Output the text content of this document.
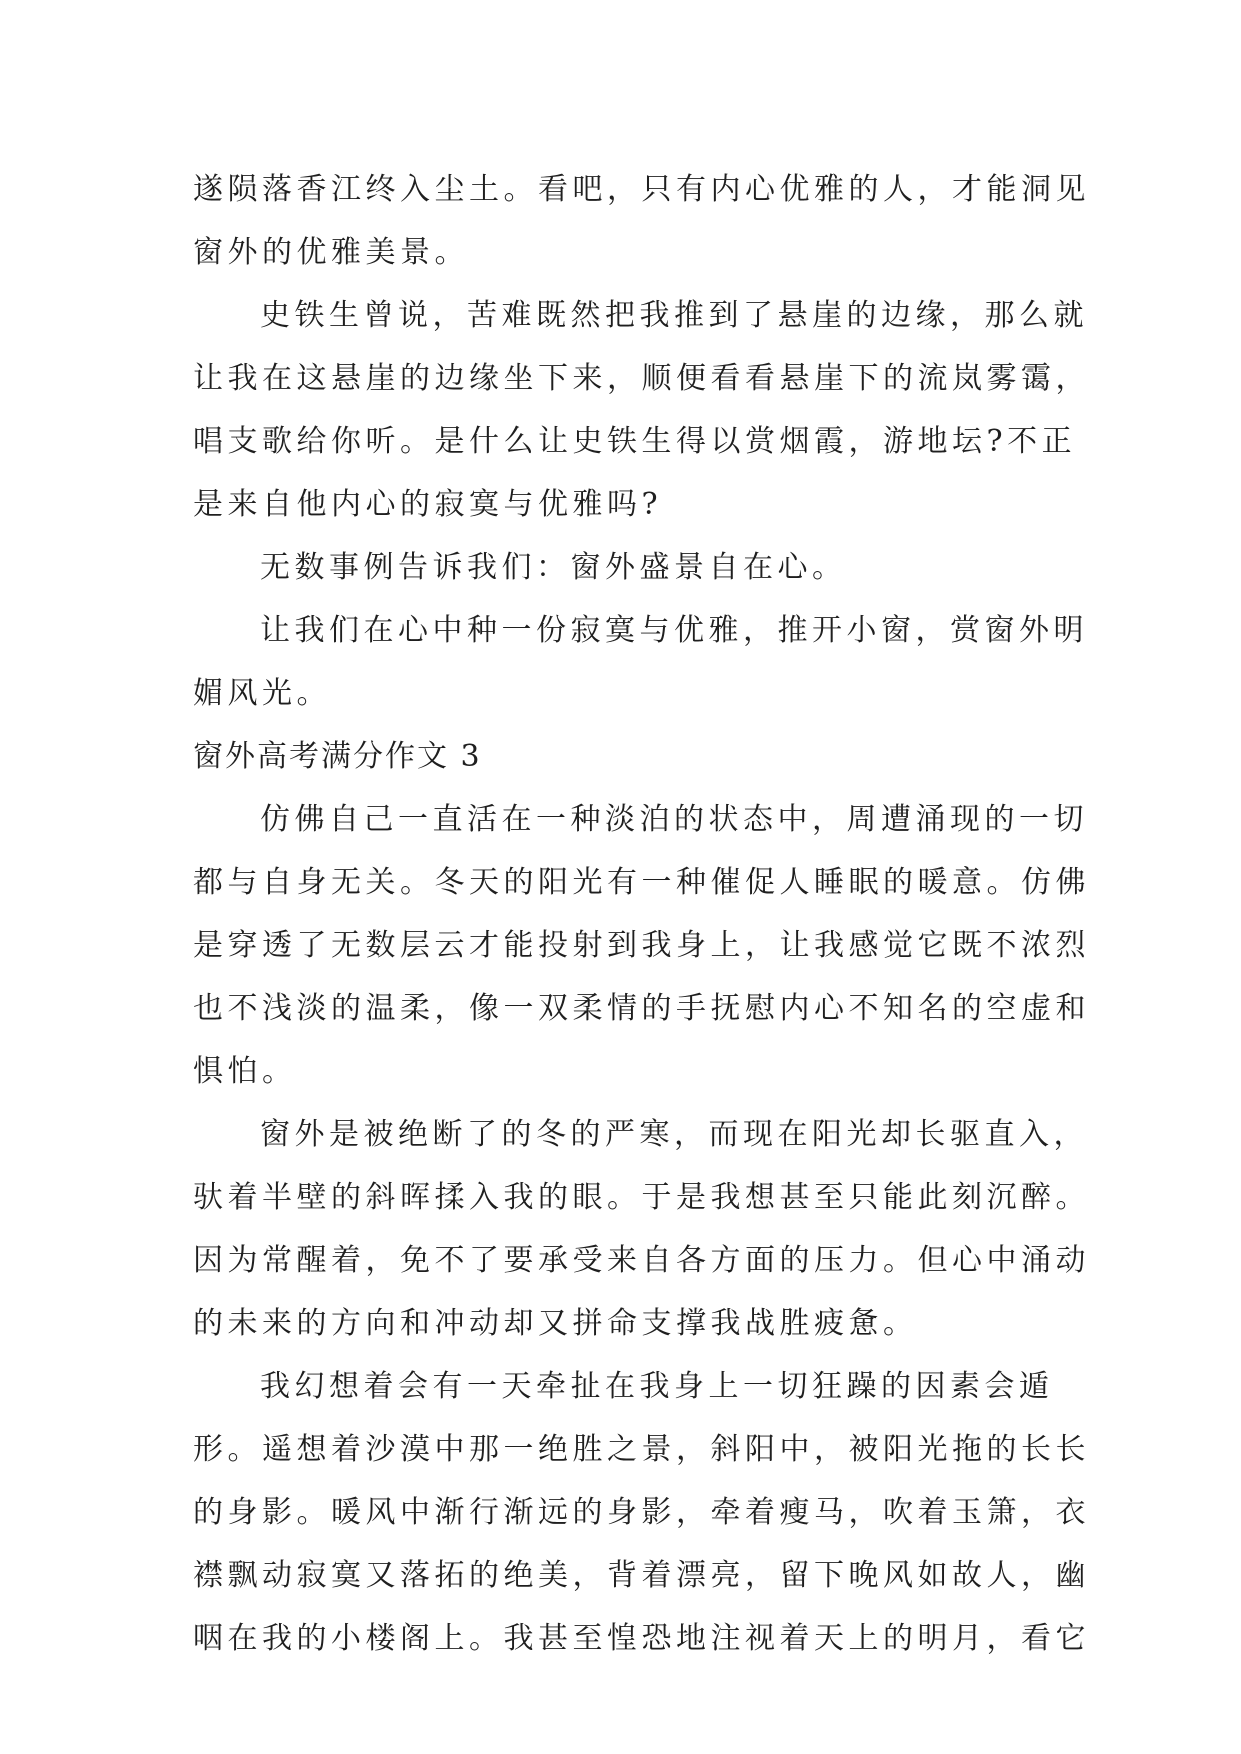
遂陨落香江终入尘土。看吧，只有内心优雅的人，才能洞见
窗外的优雅美景。
史铁生曾说，苦难既然把我推到了悬崖的边缘，那么就
让我在这悬崖的边缘坐下来，顺便看看悬崖下的流岚雾霭，
唱支歌给你听。是什么让史铁生得以赏烟霞，游地坛?不正
是来自他内心的寂寞与优雅吗?
无数事例告诉我们：窗外盛景自在心。
让我们在心中种一份寂寞与优雅，推开小窗，赏窗外明
媚风光。
窗外高考满分作文 3
仿佛自己一直活在一种淡泊的状态中，周遭涌现的一切
都与自身无关。冬天的阳光有一种催促人睡眠的暖意。仿佛
是穿透了无数层云才能投射到我身上，让我感觉它既不浓烈
也不浅淡的温柔，像一双柔情的手抚慰内心不知名的空虚和
惧怕。
窗外是被绝断了的冬的严寒，而现在阳光却长驱直入，
驮着半壁的斜晖揉入我的眼。于是我想甚至只能此刻沉醉。
因为常醒着，免不了要承受来自各方面的压力。但心中涌动
的未来的方向和冲动却又拼命支撑我战胜疲惫。
我幻想着会有一天牵扯在我身上一切狂躁的因素会遁
形。遥想着沙漠中那一绝胜之景，斜阳中，被阳光拖的长长
的身影。暖风中渐行渐远的身影，牵着瘦马，吹着玉箫，衣
襟飘动寂寞又落拓的绝美，背着漂亮，留下晚风如故人，幽
咽在我的小楼阁上。我甚至惶恐地注视着天上的明月，看它
